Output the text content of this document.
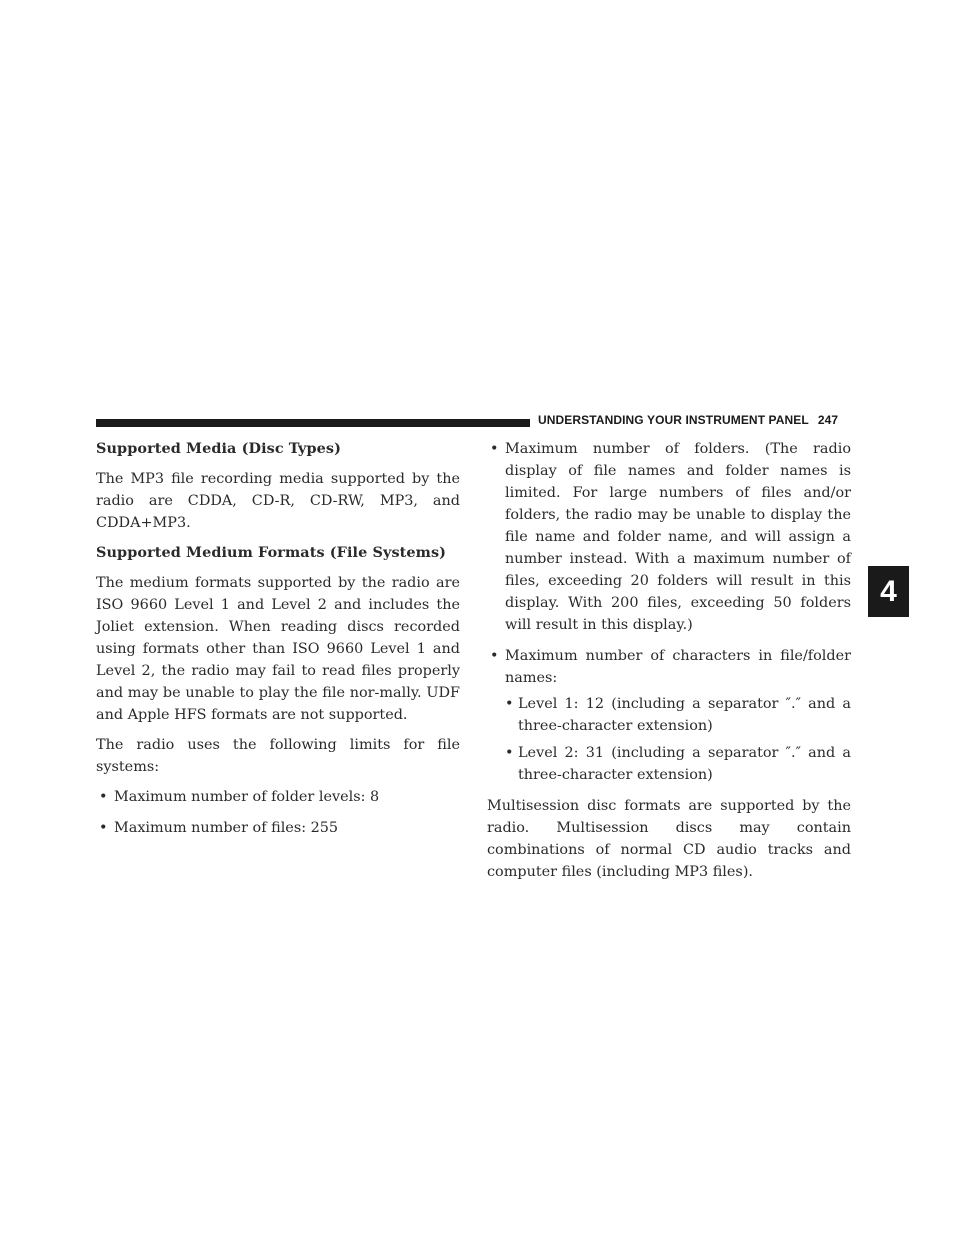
UNDERSTANDING YOUR INSTRUMENT PANEL 247
4
Supported Media (Disc Types)

The MP3 file recording media supported by the radio are CDDA, CD-R, CD-RW, MP3, and CDDA+MP3.

Supported Medium Formats (File Systems)

The medium formats supported by the radio are ISO 9660 Level 1 and Level 2 and includes the Joliet extension. When reading discs recorded using formats other than ISO 9660 Level 1 and Level 2, the radio may fail to read files properly and may be unable to play the file nor-mally. UDF and Apple HFS formats are not supported.

The radio uses the following limits for file systems:

• Maximum number of folder levels: 8
• Maximum number of files: 255
• Maximum number of folders. (The radio display of file names and folder names is limited. For large numbers of files and/or folders, the radio may be unable to display the file name and folder name, and will assign a number instead. With a maximum number of files, exceeding 20 folders will result in this display. With 200 files, exceeding 50 folders will result in this display.)
• Maximum number of characters in file/folder names:
• Level 1: 12 (including a separator ″.″ and a three-character extension)
• Level 2: 31 (including a separator ″.″ and a three-character extension)

Multisession disc formats are supported by the radio. Multisession discs may contain combinations of normal CD audio tracks and computer files (including MP3 files).
